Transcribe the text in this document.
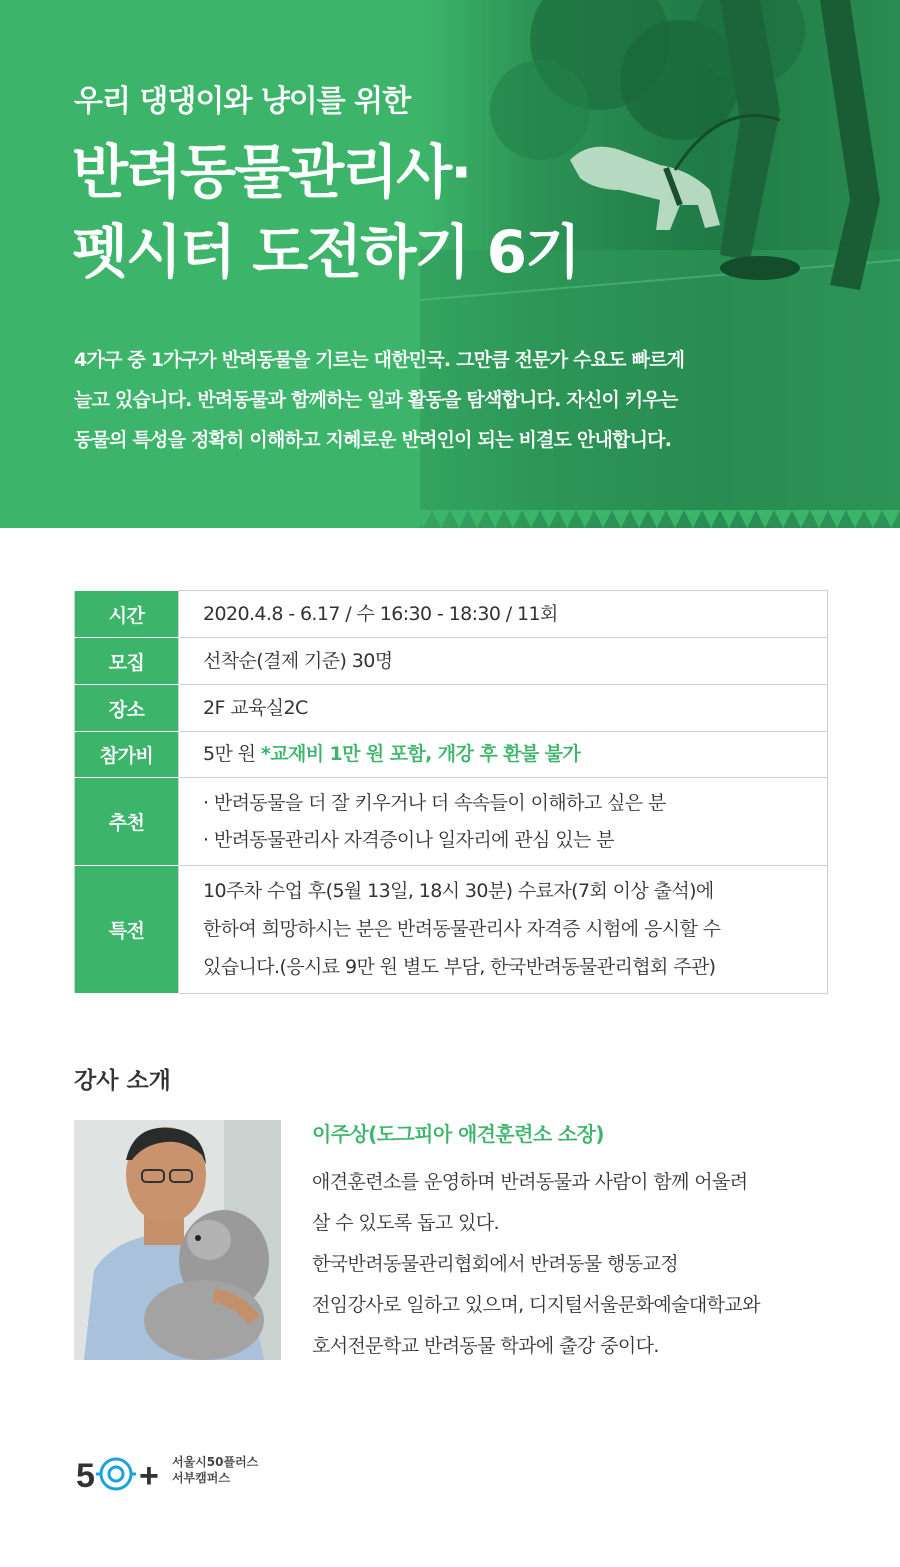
우리 댕댕이와 냥이를 위한
반려동물관리사·
펫시터 도전하기 6기
4가구 중 1가구가 반려동물을 기르는 대한민국. 그만큼 전문가 수요도 빠르게
늘고 있습니다. 반려동물과 함께하는 일과 활동을 탐색합니다. 자신이 키우는
동물의 특성을 정확히 이해하고 지혜로운 반려인이 되는 비결도 안내합니다.
시간	2020.4.8 - 6.17 / 수 16:30 - 18:30 / 11회
모집	선착순(결제 기준) 30명
장소	2F 교육실2C
참가비	5만 원 *교재비 1만 원 포함, 개강 후 환불 불가
추천	· 반려동물을 더 잘 키우거나 더 속속들이 이해하고 싶은 분
· 반려동물관리사 자격증이나 일자리에 관심 있는 분

특전	10주차 수업 후(5월 13일, 18시 30분) 수료자(7회 이상 출석)에
한하여 희망하시는 분은 반려동물관리사 자격증 시험에 응시할 수
있습니다.(응시료 9만 원 별도 부담, 한국반려동물관리협회 주관)
강사 소개
이주상(도그피아 애견훈련소 소장)
애견훈련소를 운영하며 반려동물과 사람이 함께 어울려
살 수 있도록 돕고 있다.
한국반려동물관리협회에서 반려동물 행동교정
전임강사로 일하고 있으며, 디지털서울문화예술대학교와
호서전문학교 반려동물 학과에 출강 중이다.
5 + 서울시50플러스
서부캠퍼스
